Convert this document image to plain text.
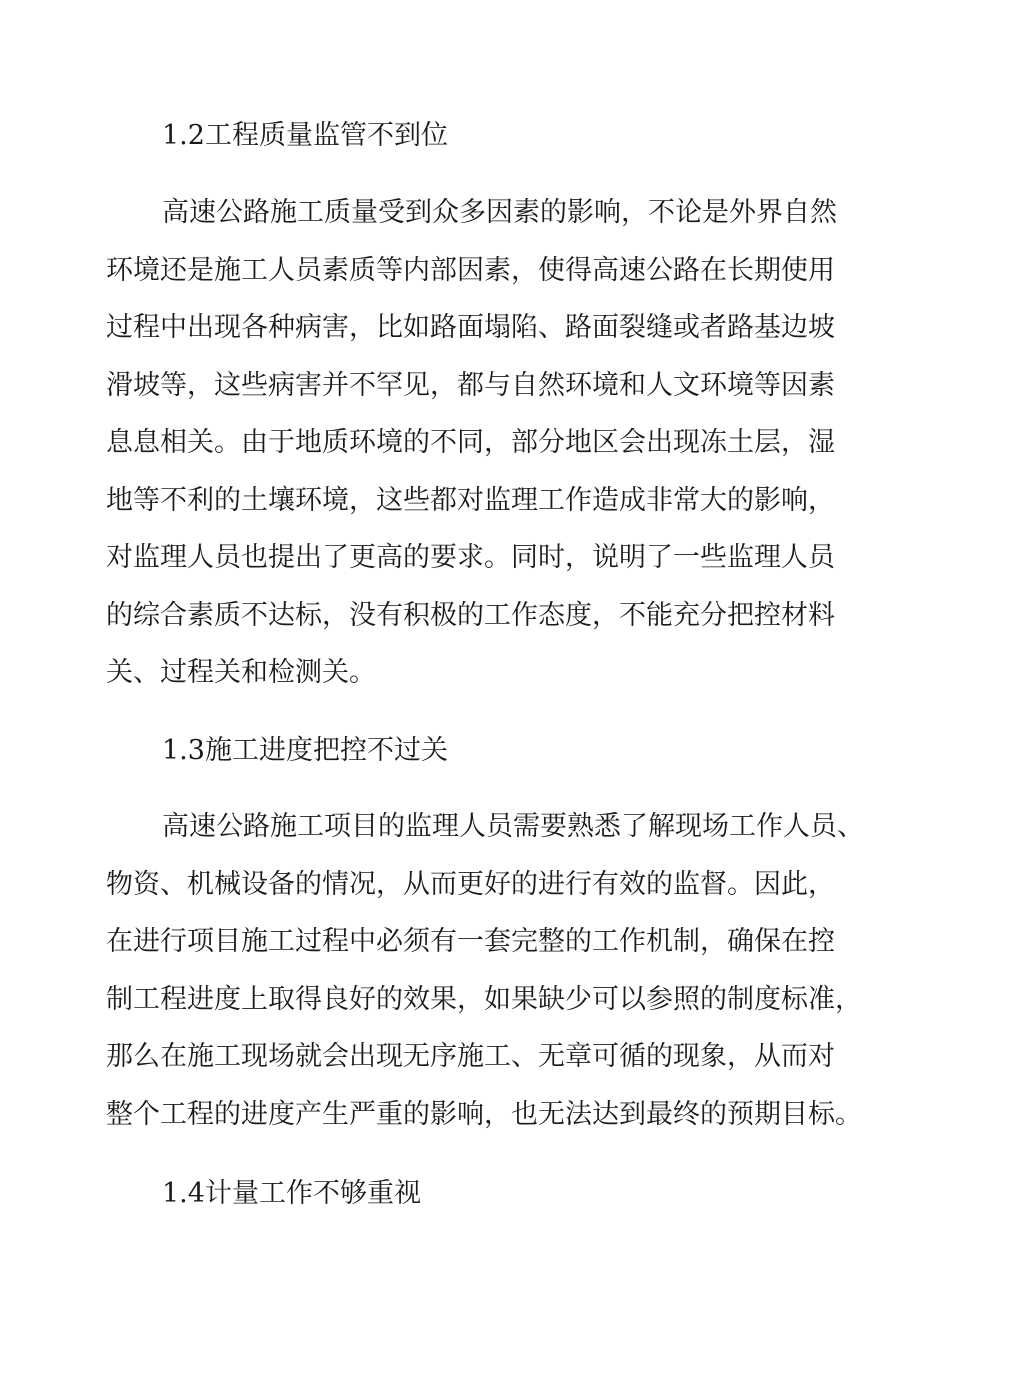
1.2工程质量监管不到位
高速公路施工质量受到众多因素的影响，不论是外界自然
环境还是施工人员素质等内部因素，使得高速公路在长期使用
过程中出现各种病害，比如路面塌陷、路面裂缝或者路基边坡
滑坡等，这些病害并不罕见，都与自然环境和人文环境等因素
息息相关。由于地质环境的不同，部分地区会出现冻土层，湿
地等不利的土壤环境，这些都对监理工作造成非常大的影响，
对监理人员也提出了更高的要求。同时，说明了一些监理人员
的综合素质不达标，没有积极的工作态度，不能充分把控材料
关、过程关和检测关。
1.3施工进度把控不过关
高速公路施工项目的监理人员需要熟悉了解现场工作人员、
物资、机械设备的情况，从而更好的进行有效的监督。因此，
在进行项目施工过程中必须有一套完整的工作机制，确保在控
制工程进度上取得良好的效果，如果缺少可以参照的制度标准，
那么在施工现场就会出现无序施工、无章可循的现象，从而对
整个工程的进度产生严重的影响，也无法达到最终的预期目标。
1.4计量工作不够重视
